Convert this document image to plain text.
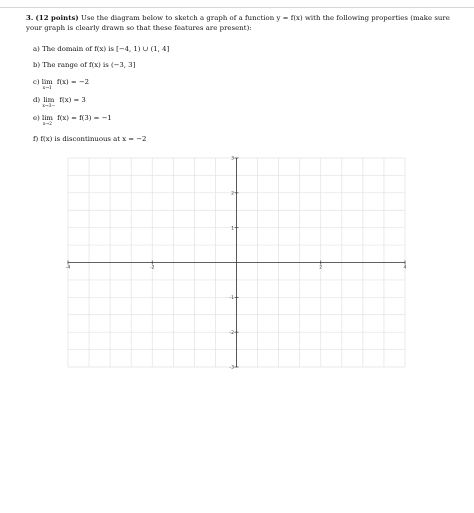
3. (12 points) Use the diagram below to sketch a graph of a function y = f(x) with the following properties (make sure your graph is clearly drawn so that these features are present):
a) The domain of f(x) is [−4, 1) ∪ (1, 4]
b) The range of f(x) is (−3, 3]
c) lim
x→1
f(x) = −2
d) lim
x→3−
f(x) = 3
e) lim
x→2
f(x) = f(3) = −1
f) f(x) is discontinuous at x = −2
-4	-2	2	4
-3
-2
-1
1
2
3
